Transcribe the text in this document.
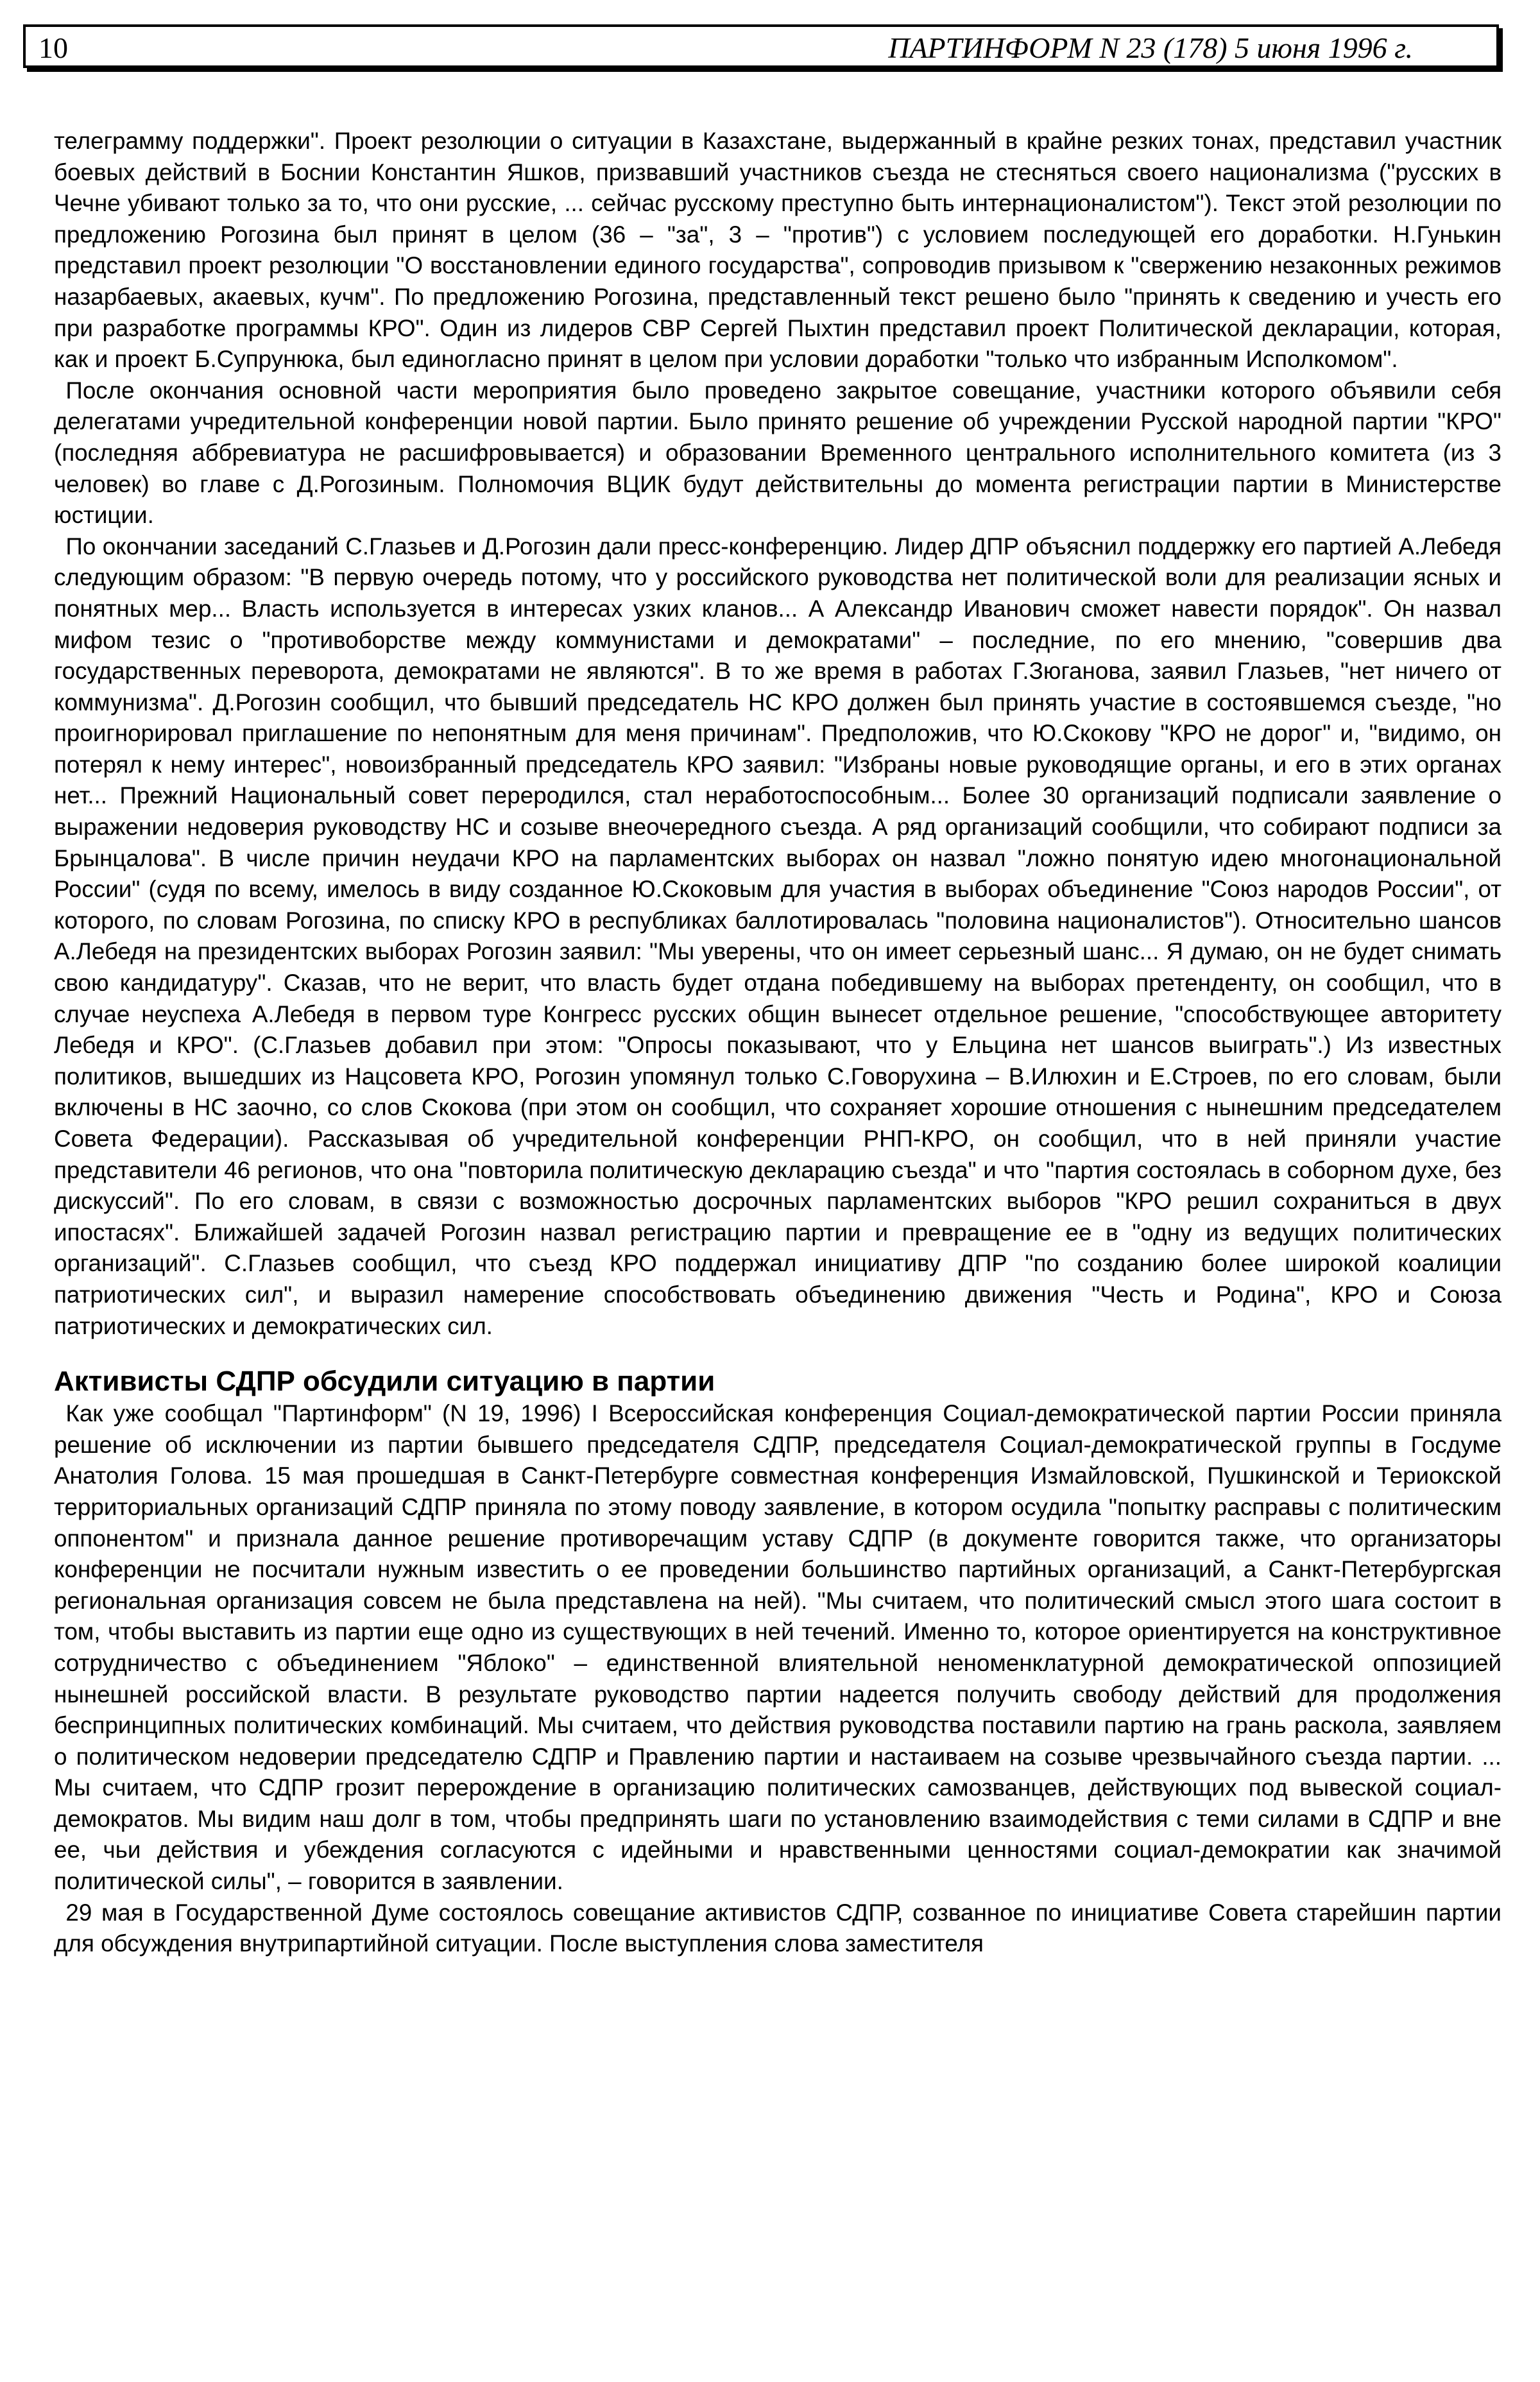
10	ПАРТИНФОРМ N 23 (178) 5 июня 1996 г.

телеграмму поддержки". Проект резолюции о ситуации в Казахстане, выдержанный в крайне резких тонах, представил участник боевых действий в Боснии Константин Яшков, призвавший участников съезда не стесняться своего национализма ("русских в Чечне убивают только за то, что они русские, ... сейчас русскому преступно быть интернационалистом"). Текст этой резолюции по предложению Рогозина был принят в целом (36 – "за", 3 – "против") с условием последующей его доработки. Н.Гунькин представил проект резолюции "О восстановлении единого государства", сопроводив призывом к "свержению незаконных режимов назарбаевых, акаевых, кучм". По предложению Рогозина, представленный текст решено было "принять к сведению и учесть его при разработке программы КРО". Один из лидеров СВР Сергей Пыхтин представил проект Политической декларации, которая, как и проект Б.Супрунюка, был единогласно принят в целом при условии доработки "только что избранным Исполкомом".

После окончания основной части мероприятия было проведено закрытое совещание, участники которого объявили себя делегатами учредительной конференции новой партии. Было принято решение об учреждении Русской народной партии "КРО" (последняя аббревиатура не расшифровывается) и образовании Временного центрального исполнительного комитета (из 3 человек) во главе с Д.Рогозиным. Полномочия ВЦИК будут действительны до момента регистрации партии в Министерстве юстиции.

По окончании заседаний С.Глазьев и Д.Рогозин дали пресс-конференцию. Лидер ДПР объяснил поддержку его партией А.Лебедя следующим образом: "В первую очередь потому, что у российского руководства нет политической воли для реализации ясных и понятных мер... Власть используется в интересах узких кланов... А Александр Иванович сможет навести порядок". Он назвал мифом тезис о "противоборстве между коммунистами и демократами" – последние, по его мнению, "совершив два государственных переворота, демократами не являются". В то же время в работах Г.Зюганова, заявил Глазьев, "нет ничего от коммунизма". Д.Рогозин сообщил, что бывший председатель НС КРО должен был принять участие в состоявшемся съезде, "но проигнорировал приглашение по непонятным для меня причинам". Предположив, что Ю.Скокову "КРО не дорог" и, "видимо, он потерял к нему интерес", новоизбранный председатель КРО заявил: "Избраны новые руководящие органы, и его в этих органах нет... Прежний Национальный совет переродился, стал неработоспособным... Более 30 организаций подписали заявление о выражении недоверия руководству НС и созыве внеочередного съезда. А ряд организаций сообщили, что собирают подписи за Брынцалова". В числе причин неудачи КРО на парламентских выборах он назвал "ложно понятую идею многонациональной России" (судя по всему, имелось в виду созданное Ю.Скоковым для участия в выборах объединение "Союз народов России", от которого, по словам Рогозина, по списку КРО в республиках баллотировалась "половина националистов"). Относительно шансов А.Лебедя на президентских выборах Рогозин заявил: "Мы уверены, что он имеет серьезный шанс... Я думаю, он не будет снимать свою кандидатуру". Сказав, что не верит, что власть будет отдана победившему на выборах претенденту, он сообщил, что в случае неуспеха А.Лебедя в первом туре Конгресс русских общин вынесет отдельное решение, "способствующее авторитету Лебедя и КРО". (С.Глазьев добавил при этом: "Опросы показывают, что у Ельцина нет шансов выиграть".) Из известных политиков, вышедших из Нацсовета КРО, Рогозин упомянул только С.Говорухина – В.Илюхин и Е.Строев, по его словам, были включены в НС заочно, со слов Скокова (при этом он сообщил, что сохраняет хорошие отношения с нынешним председателем Совета Федерации). Рассказывая об учредительной конференции РНП-КРО, он сообщил, что в ней приняли участие представители 46 регионов, что она "повторила политическую декларацию съезда" и что "партия состоялась в соборном духе, без дискуссий". По его словам, в связи с возможностью досрочных парламентских выборов "КРО решил сохраниться в двух ипостасях". Ближайшей задачей Рогозин назвал регистрацию партии и превращение ее в "одну из ведущих политических организаций". С.Глазьев сообщил, что съезд КРО поддержал инициативу ДПР "по созданию более широкой коалиции патриотических сил", и выразил намерение способствовать объединению движения "Честь и Родина", КРО и Союза патриотических и демократических сил.

Активисты СДПР обсудили ситуацию в партии

Как уже сообщал "Партинформ" (N 19, 1996) I Всероссийская конференция Социал-демократической партии России приняла решение об исключении из партии бывшего председателя СДПР, председателя Социал-демократической группы в Госдуме Анатолия Голова. 15 мая прошедшая в Санкт-Петербурге совместная конференция Измайловской, Пушкинской и Териокской территориальных организаций СДПР приняла по этому поводу заявление, в котором осудила "попытку расправы с политическим оппонентом" и признала данное решение противоречащим уставу СДПР (в документе говорится также, что организаторы конференции не посчитали нужным известить о ее проведении большинство партийных организаций, а Санкт-Петербургская региональная организация совсем не была представлена на ней). "Мы считаем, что политический смысл этого шага состоит в том, чтобы выставить из партии еще одно из существующих в ней течений. Именно то, которое ориентируется на конструктивное сотрудничество с объединением "Яблоко" – единственной влиятельной неноменклатурной демократической оппозицией нынешней российской власти. В результате руководство партии надеется получить свободу действий для продолжения беспринципных политических комбинаций. Мы считаем, что действия руководства поставили партию на грань раскола, заявляем о политическом недоверии председателю СДПР и Правлению партии и настаиваем на созыве чрезвычайного съезда партии. ... Мы считаем, что СДПР грозит перерождение в организацию политических самозванцев, действующих под вывеской социал-демократов. Мы видим наш долг в том, чтобы предпринять шаги по установлению взаимодействия с теми силами в СДПР и вне ее, чьи действия и убеждения согласуются с идейными и нравственными ценностями социал-демократии как значимой политической силы", – говорится в заявлении.

29 мая в Государственной Думе состоялось совещание активистов СДПР, созванное по инициативе Совета старейшин партии для обсуждения внутрипартийной ситуации. После выступления слова заместителя
